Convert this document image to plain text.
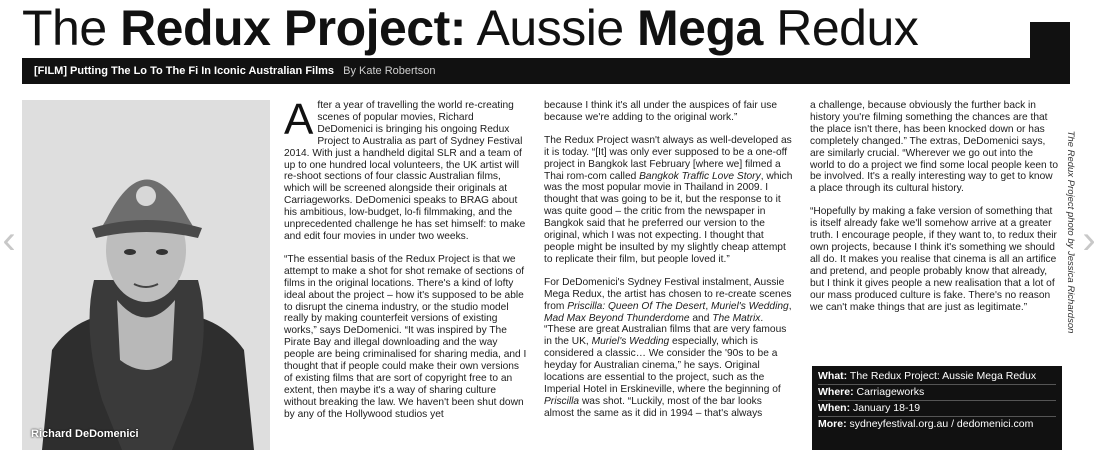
The Redux Project: Aussie Mega Redux
[FILM] Putting The Lo To The Fi In Iconic Australian Films By Kate Robertson
Richard DeDomenici

After a year of travelling the world re-creating scenes of popular movies, Richard DeDomenici is bringing his ongoing Redux Project to Australia as part of Sydney Festival 2014. With just a handheld digital SLR and a team of up to one hundred local volunteers, the UK artist will re-shoot sections of four classic Australian films, which will be screened alongside their originals at Carriageworks. DeDomenici speaks to BRAG about his ambitious, low-budget, lo-fi filmmaking, and the unprecedented challenge he has set himself: to make and edit four movies in under two weeks.

“The essential basis of the Redux Project is that we attempt to make a shot for shot remake of sections of films in the original locations. There's a kind of lofty ideal about the project – how it's supposed to be able to disrupt the cinema industry, or the studio model really by making counterfeit versions of existing works,” says DeDomenici. “It was inspired by The Pirate Bay and illegal downloading and the way people are being criminalised for sharing media, and I thought that if people could make their own versions of existing films that are sort of copyright free to an extent, then maybe it's a way of sharing culture without breaking the law. We haven't been shut down by any of the Hollywood studios yet

because I think it's all under the auspices of fair use because we're adding to the original work.”

The Redux Project wasn't always as well-developed as it is today. “[It] was only ever supposed to be a one-off project in Bangkok last February [where we] filmed a Thai rom-com called Bangkok Traffic Love Story, which was the most popular movie in Thailand in 2009. I thought that was going to be it, but the response to it was quite good – the critic from the newspaper in Bangkok said that he preferred our version to the original, which I was not expecting. I thought that people might be insulted by my slightly cheap attempt to replicate their film, but people loved it.”

For DeDomenici's Sydney Festival instalment, Aussie Mega Redux, the artist has chosen to re-create scenes from Priscilla: Queen Of The Desert, Muriel's Wedding, Mad Max Beyond Thunderdome and The Matrix. “These are great Australian films that are very famous in the UK, Muriel's Wedding especially, which is considered a classic… We consider the '90s to be a heyday for Australian cinema,” he says. Original locations are essential to the project, such as the Imperial Hotel in Erskineville, where the beginning of Priscilla was shot. “Luckily, most of the bar looks almost the same as it did in 1994 – that's always

a challenge, because obviously the further back in history you're filming something the chances are that the place isn't there, has been knocked down or has completely changed.” The extras, DeDomenici says, are similarly crucial. “Wherever we go out into the world to do a project we find some local people keen to be involved. It's a really interesting way to get to know a place through its cultural history.

“Hopefully by making a fake version of something that is itself already fake we'll somehow arrive at a greater truth. I encourage people, if they want to, to redux their own projects, because I think it's something we should all do. It makes you realise that cinema is all an artifice and pretend, and people probably know that already, but I think it gives people a new realisation that a lot of our mass produced culture is fake. There's no reason we can't make things that are just as legitimate.”

What: The Redux Project: Aussie Mega Redux
Where: Carriageworks
When: January 18-19
More: sydneyfestival.org.au / dedomenici.com
The Redux Project photo by Jessica Richardson
‹	›
